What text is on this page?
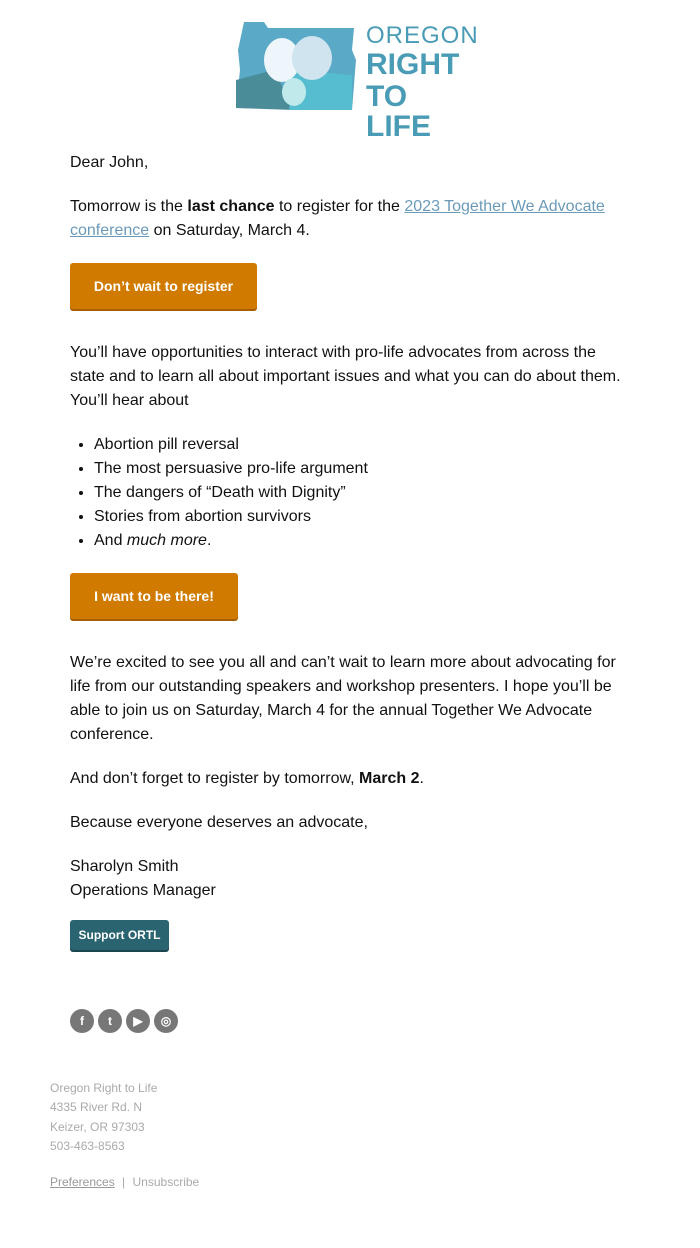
OREGON
RIGHT
TO LIFE

Dear John,

Tomorrow is the last chance to register for the 2023 Together We Advocate conference on Saturday, March 4.

Don’t wait to register

You’ll have opportunities to interact with pro-life advocates from across the state and to learn all about important issues and what you can do about them. You’ll hear about

• Abortion pill reversal
• The most persuasive pro-life argument
• The dangers of “Death with Dignity”
• Stories from abortion survivors
• And much more.
I want to be there!

We’re excited to see you all and can’t wait to learn more about advocating for life from our outstanding speakers and workshop presenters. I hope you’ll be able to join us on Saturday, March 4 for the annual Together We Advocate conference.

And don’t forget to register by tomorrow, March 2.

Because everyone deserves an advocate,

Sharolyn Smith
Operations Manager

Support ORTL
f	t	▶	◎
Oregon Right to Life
4335 River Rd. N
Keizer, OR 97303
503-463-8563
Preferences | Unsubscribe
